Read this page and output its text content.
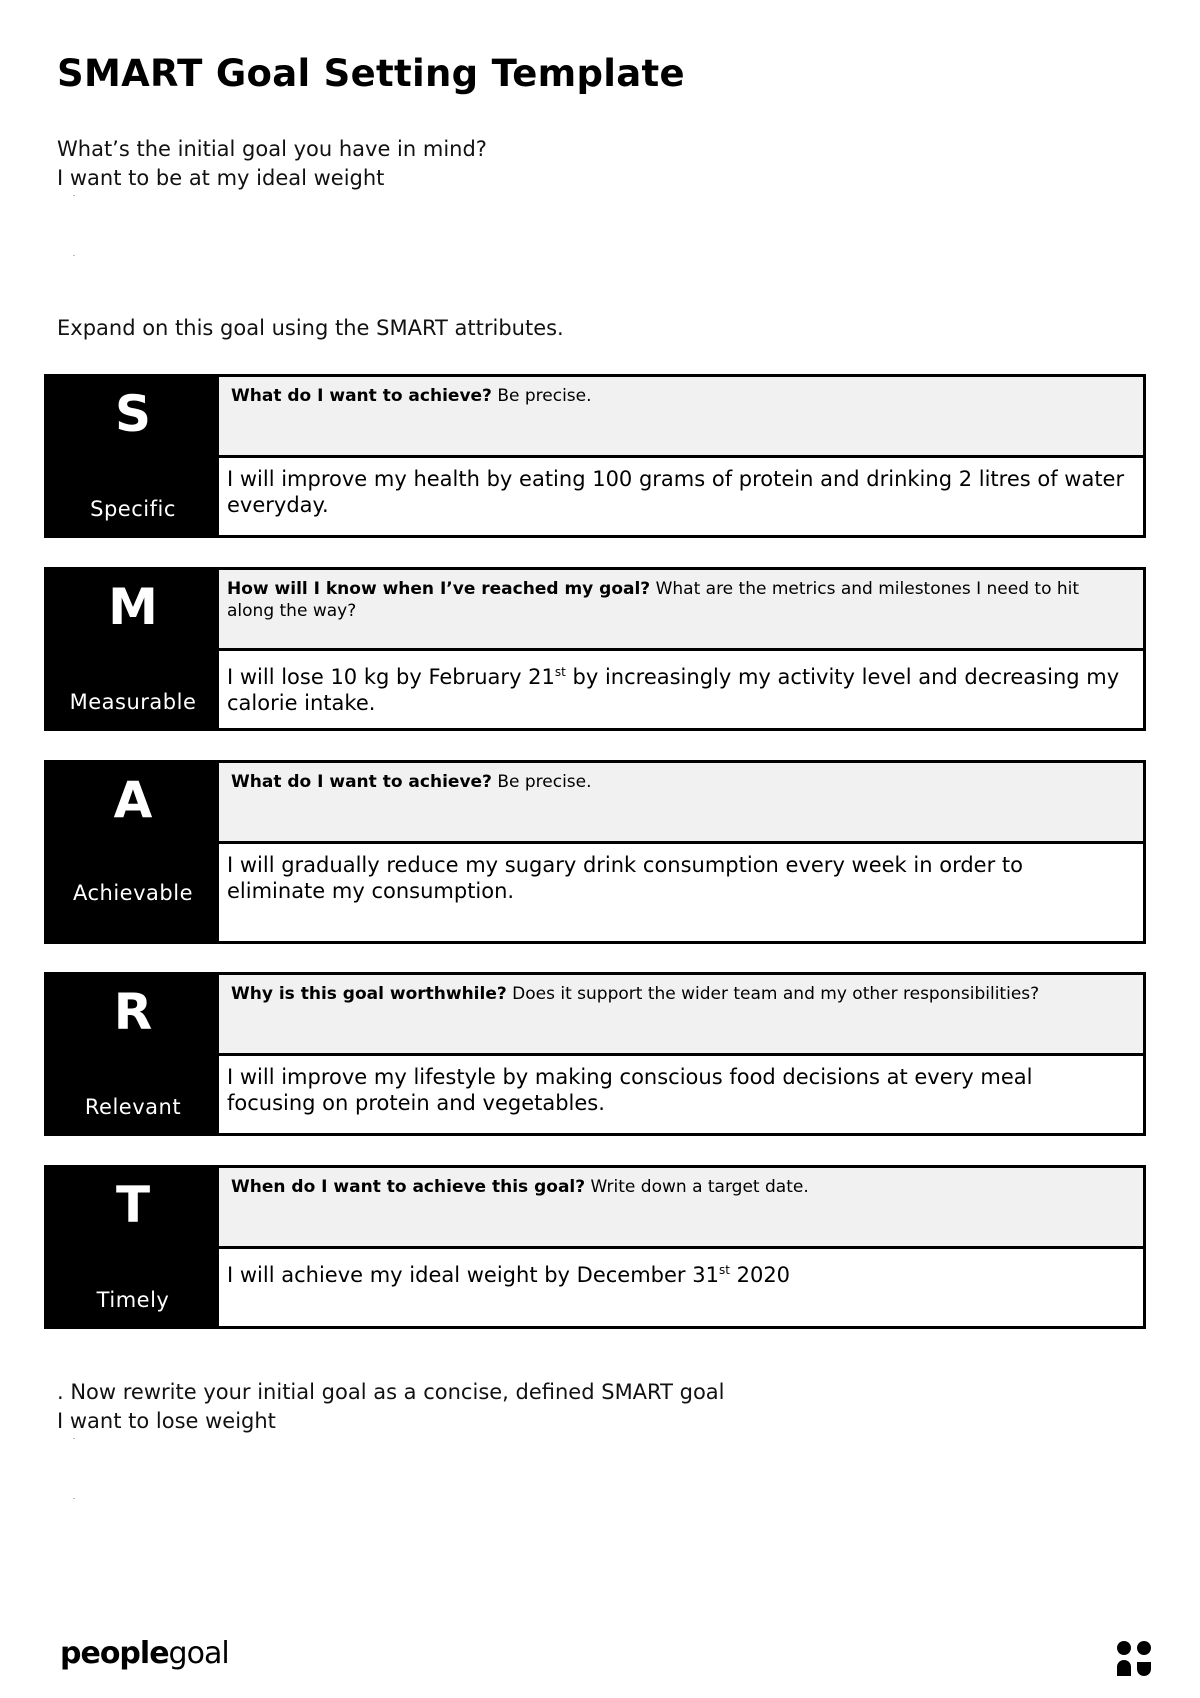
SMART Goal Setting Template
What’s the initial goal you have in mind?
I want to be at my ideal weight
Expand on this goal using the SMART attributes.
S
Specific
What do I want to achieve? Be precise.
I will improve my health by eating 100 grams of protein and drinking 2 litres of water everyday.
M
Measurable
How will I know when I’ve reached my goal? What are the metrics and milestones I need to hit along the way?
I will lose 10 kg by February 21st by increasingly my activity level and decreasing my calorie intake.
A
Achievable
What do I want to achieve? Be precise.
I will gradually reduce my sugary drink consumption every week in order to eliminate my consumption.
R
Relevant
Why is this goal worthwhile? Does it support the wider team and my other responsibilities?
I will improve my lifestyle by making conscious food decisions at every meal focusing on protein and vegetables.
T
Timely
When do I want to achieve this goal? Write down a target date.
I will achieve my ideal weight by December 31st 2020
. Now rewrite your initial goal as a concise, defined SMART goal
I want to lose weight
peoplegoal
